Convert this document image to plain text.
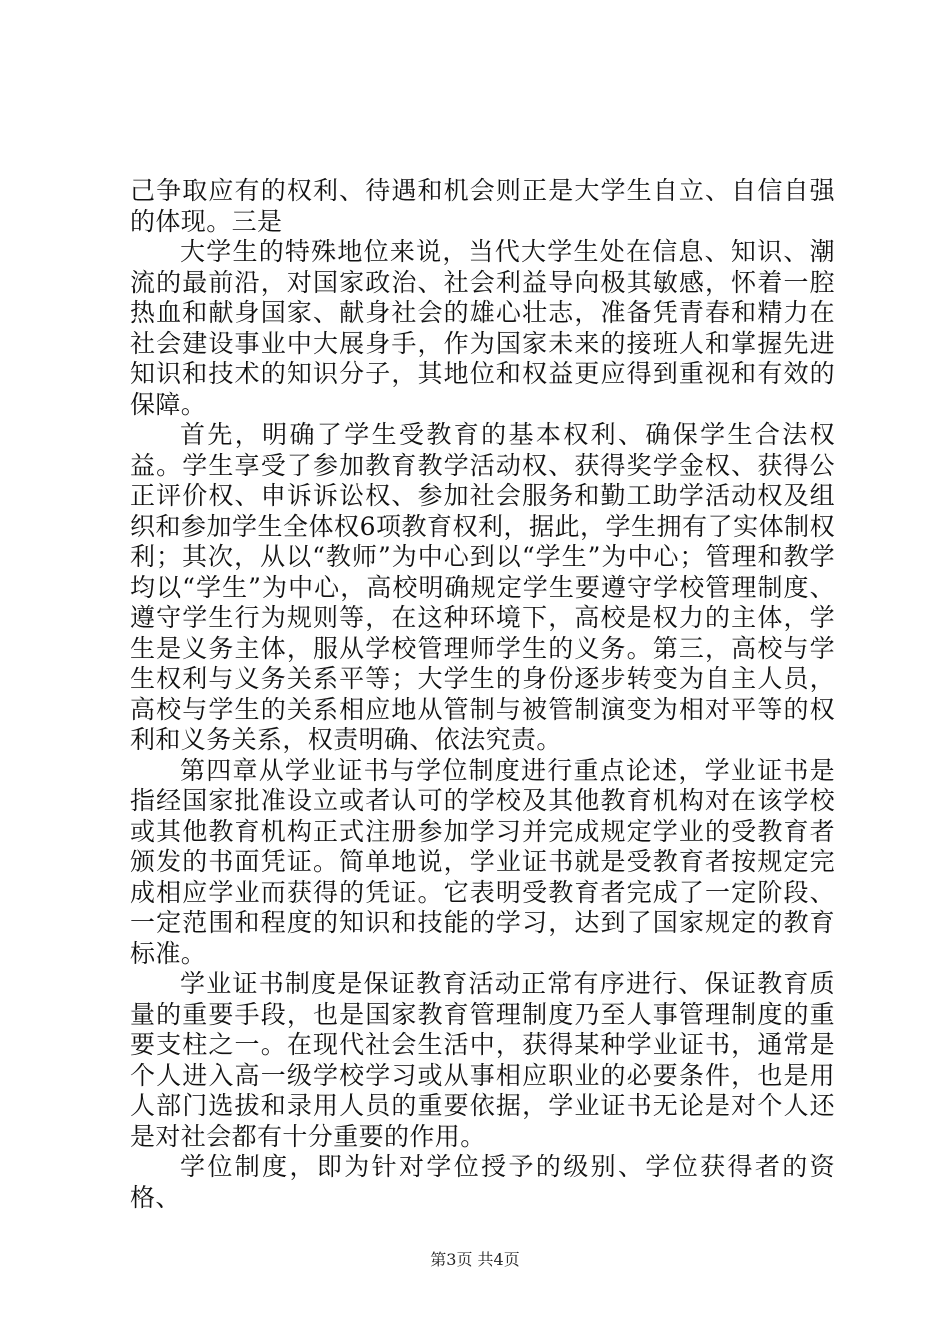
己争取应有的权利、待遇和机会则正是大学生自立、自信自强的体现。三是

大学生的特殊地位来说，当代大学生处在信息、知识、潮流的最前沿，对国家政治、社会利益导向极其敏感，怀着一腔热血和献身国家、献身社会的雄心壮志，准备凭青春和精力在社会建设事业中大展身手，作为国家未来的接班人和掌握先进知识和技术的知识分子，其地位和权益更应得到重视和有效的保障。

首先，明确了学生受教育的基本权利、确保学生合法权益。学生享受了参加教育教学活动权、获得奖学金权、获得公正评价权、申诉诉讼权、参加社会服务和勤工助学活动权及组织和参加学生全体权6项教育权利，据此，学生拥有了实体制权利；其次，从以“教师”为中心到以“学生”为中心；管理和教学均以“学生”为中心，高校明确规定学生要遵守学校管理制度、遵守学生行为规则等，在这种环境下，高校是权力的主体，学生是义务主体，服从学校管理师学生的义务。第三，高校与学生权利与义务关系平等；大学生的身份逐步转变为自主人员，高校与学生的关系相应地从管制与被管制演变为相对平等的权利和义务关系，权责明确、依法究责。

第四章从学业证书与学位制度进行重点论述，学业证书是指经国家批准设立或者认可的学校及其他教育机构对在该学校或其他教育机构正式注册参加学习并完成规定学业的受教育者颁发的书面凭证。简单地说，学业证书就是受教育者按规定完成相应学业而获得的凭证。它表明受教育者完成了一定阶段、一定范围和程度的知识和技能的学习，达到了国家规定的教育标准。

学业证书制度是保证教育活动正常有序进行、保证教育质量的重要手段，也是国家教育管理制度乃至人事管理制度的重要支柱之一。在现代社会生活中，获得某种学业证书，通常是个人进入高一级学校学习或从事相应职业的必要条件，也是用人部门选拔和录用人员的重要依据，学业证书无论是对个人还是对社会都有十分重要的作用。

学位制度，即为针对学位授予的级别、学位获得者的资格、

第3页 共4页
